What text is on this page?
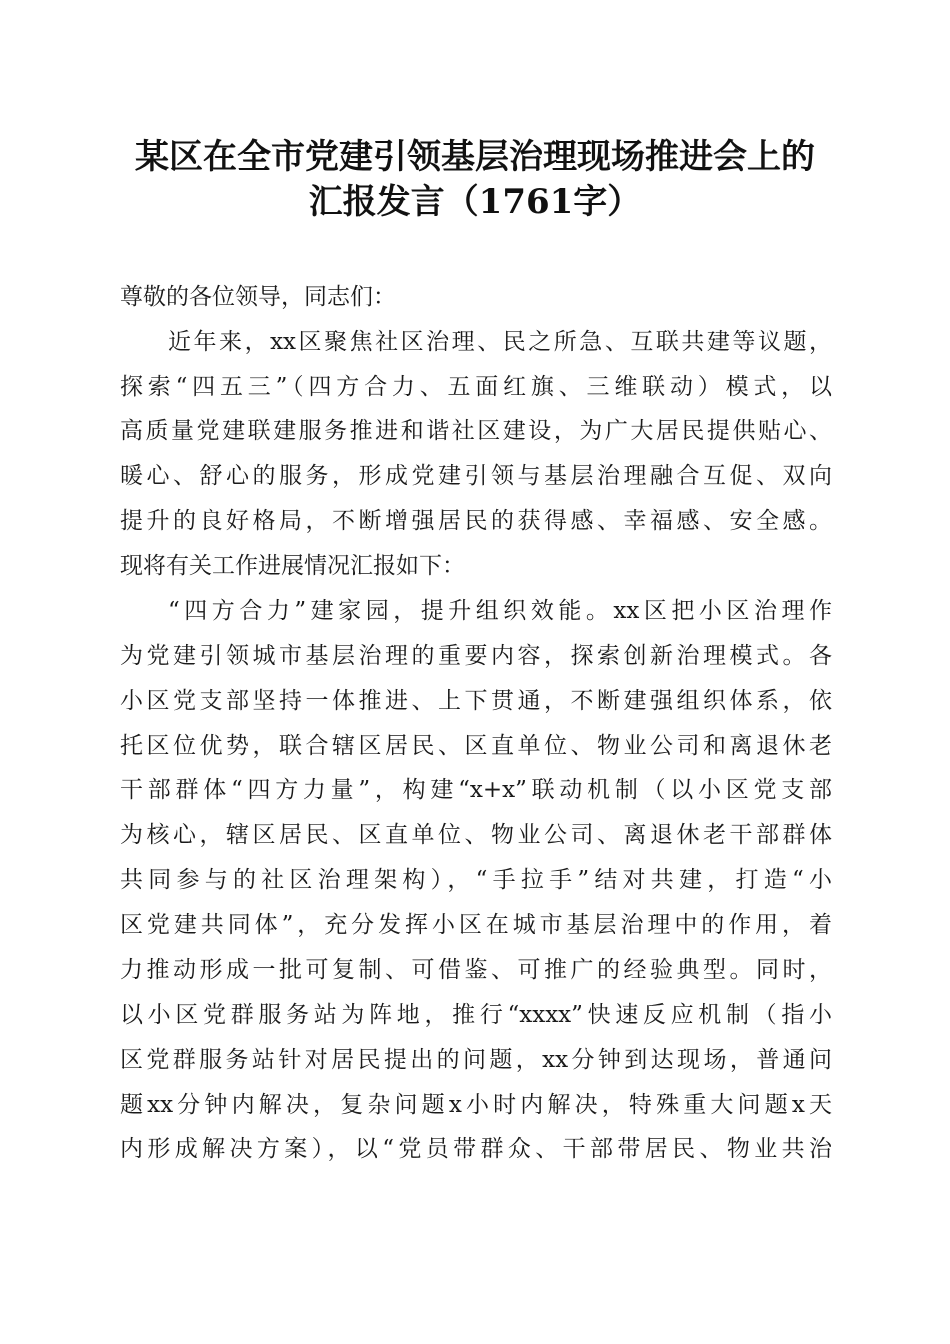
某区在全市党建引领基层治理现场推进会上的
汇报发言（1761字）
尊敬的各位领导，同志们：
近年来，xx区聚焦社区治理、民之所急、互联共建等议题，
探索“四五三”（四方合力、五面红旗、三维联动）模式，以
高质量党建联建服务推进和谐社区建设，为广大居民提供贴心、
暖心、舒心的服务，形成党建引领与基层治理融合互促、双向
提升的良好格局，不断增强居民的获得感、幸福感、安全感。
现将有关工作进展情况汇报如下：
“四方合力”建家园，提升组织效能。xx区把小区治理作
为党建引领城市基层治理的重要内容，探索创新治理模式。各
小区党支部坚持一体推进、上下贯通，不断建强组织体系，依
托区位优势，联合辖区居民、区直单位、物业公司和离退休老
干部群体“四方力量”，构建“x+x”联动机制（以小区党支部
为核心，辖区居民、区直单位、物业公司、离退休老干部群体
共同参与的社区治理架构），“手拉手”结对共建，打造“小
区党建共同体”，充分发挥小区在城市基层治理中的作用，着
力推动形成一批可复制、可借鉴、可推广的经验典型。同时，
以小区党群服务站为阵地，推行“xxxx”快速反应机制（指小
区党群服务站针对居民提出的问题，xx分钟到达现场，普通问
题xx分钟内解决，复杂问题x小时内解决，特殊重大问题x天
内形成解决方案），以“党员带群众、干部带居民、物业共治
